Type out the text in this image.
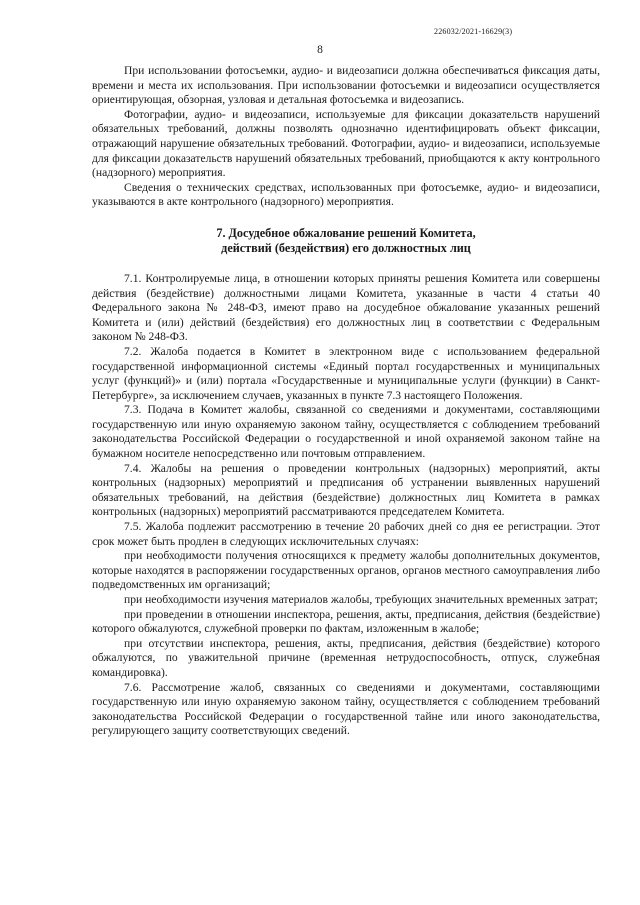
226032/2021-16629(3)
8

При использовании фотосъемки, аудио- и видеозаписи должна обеспечиваться фиксация даты, времени и места их использования. При использовании фотосъемки и видеозаписи осуществляется ориентирующая, обзорная, узловая и детальная фотосъемка и видеозапись.

Фотографии, аудио- и видеозаписи, используемые для фиксации доказательств нарушений обязательных требований, должны позволять однозначно идентифицировать объект фиксации, отражающий нарушение обязательных требований. Фотографии, аудио- и видеозаписи, используемые для фиксации доказательств нарушений обязательных требований, приобщаются к акту контрольного (надзорного) мероприятия.

Сведения о технических средствах, использованных при фотосъемке, аудио- и видеозаписи, указываются в акте контрольного (надзорного) мероприятия.

7. Досудебное обжалование решений Комитета,
действий (бездействия) его должностных лиц

7.1. Контролируемые лица, в отношении которых приняты решения Комитета или совершены действия (бездействие) должностными лицами Комитета, указанные в части 4 статьи 40 Федерального закона № 248-ФЗ, имеют право на досудебное обжалование указанных решений Комитета и (или) действий (бездействия) его должностных лиц в соответствии с Федеральным законом № 248-ФЗ.

7.2. Жалоба подается в Комитет в электронном виде с использованием федеральной государственной информационной системы «Единый портал государственных и муниципальных услуг (функций)» и (или) портала «Государственные и муниципальные услуги (функции) в Санкт-Петербурге», за исключением случаев, указанных в пункте 7.3 настоящего Положения.

7.3. Подача в Комитет жалобы, связанной со сведениями и документами, составляющими государственную или иную охраняемую законом тайну, осуществляется с соблюдением требований законодательства Российской Федерации о государственной и иной охраняемой законом тайне на бумажном носителе непосредственно или почтовым отправлением.

7.4. Жалобы на решения о проведении контрольных (надзорных) мероприятий, акты контрольных (надзорных) мероприятий и предписания об устранении выявленных нарушений обязательных требований, на действия (бездействие) должностных лиц Комитета в рамках контрольных (надзорных) мероприятий рассматриваются председателем Комитета.

7.5. Жалоба подлежит рассмотрению в течение 20 рабочих дней со дня ее регистрации. Этот срок может быть продлен в следующих исключительных случаях:

при необходимости получения относящихся к предмету жалобы дополнительных документов, которые находятся в распоряжении государственных органов, органов местного самоуправления либо подведомственных им организаций;

при необходимости изучения материалов жалобы, требующих значительных временных затрат;

при проведении в отношении инспектора, решения, акты, предписания, действия (бездействие) которого обжалуются, служебной проверки по фактам, изложенным в жалобе;

при отсутствии инспектора, решения, акты, предписания, действия (бездействие) которого обжалуются, по уважительной причине (временная нетрудоспособность, отпуск, служебная командировка).

7.6. Рассмотрение жалоб, связанных со сведениями и документами, составляющими государственную или иную охраняемую законом тайну, осуществляется с соблюдением требований законодательства Российской Федерации о государственной тайне или иного законодательства, регулирующего защиту соответствующих сведений.
